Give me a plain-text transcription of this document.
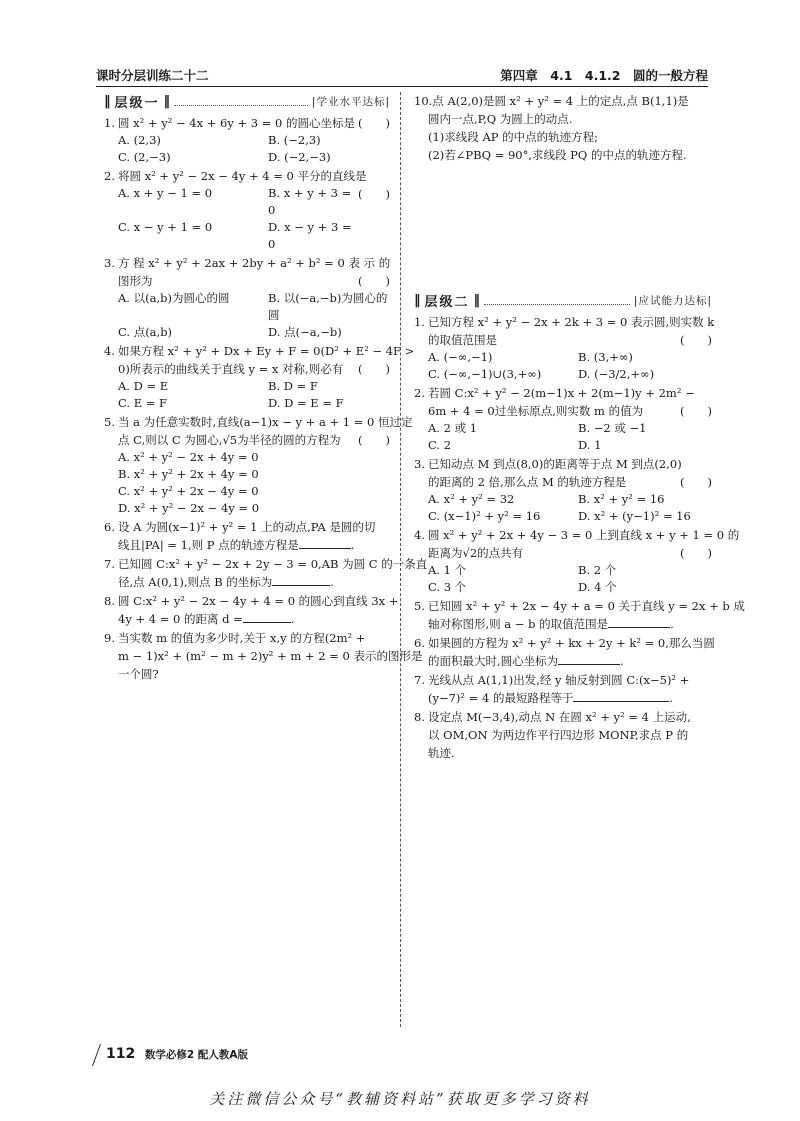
课时分层训练二十二	第四章　4.1　4.1.2　圆的一般方程
‖ 层级一 ‖	|学业水平达标|
1. 圆 x² + y² − 4x + 6y + 3 = 0 的圆心坐标是 (　　)
A. (2,3)	B. (−2,3)
C. (2,−3)	D. (−2,−3)
2. 将圆 x² + y² − 2x − 4y + 4 = 0 平分的直线是
(　　)
A. x + y − 1 = 0	B. x + y + 3 = 0
C. x − y + 1 = 0	D. x − y + 3 = 0
3. 方 程 x² + y² + 2ax + 2by + a² + b² = 0 表 示 的
图形为	(　　)
A. 以(a,b)为圆心的圆	B. 以(−a,−b)为圆心的圆
C. 点(a,b)	D. 点(−a,−b)
4. 如果方程 x² + y² + Dx + Ey + F = 0(D² + E² − 4F >
0)所表示的曲线关于直线 y = x 对称,则必有 (　　)
A. D = E	B. D = F
C. E = F	D. D = E = F
5. 当 a 为任意实数时,直线(a−1)x − y + a + 1 = 0 恒过定
点 C,则以 C 为圆心,√5为半径的圆的方程为 (　　)
A. x² + y² − 2x + 4y = 0
B. x² + y² + 2x + 4y = 0
C. x² + y² + 2x − 4y = 0
D. x² + y² − 2x − 4y = 0
6. 设 A 为圆(x−1)² + y² = 1 上的动点,PA 是圆的切
线且|PA| = 1,则 P 点的轨迹方程是	.
7. 已知圆 C:x² + y² − 2x + 2y − 3 = 0,AB 为圆 C 的一条直
径,点 A(0,1),则点 B 的坐标为	.
8. 圆 C:x² + y² − 2x − 4y + 4 = 0 的圆心到直线 3x +
4y + 4 = 0 的距离 d =	.
9. 当实数 m 的值为多少时,关于 x,y 的方程(2m² +
m − 1)x² + (m² − m + 2)y² + m + 2 = 0 表示的图形是
一个圆?
10.点 A(2,0)是圆 x² + y² = 4 上的定点,点 B(1,1)是
圆内一点,P,Q 为圆上的动点.
(1)求线段 AP 的中点的轨迹方程;
(2)若∠PBQ = 90°,求线段 PQ 的中点的轨迹方程.
‖ 层级二 ‖	|应试能力达标|
1. 已知方程 x² + y² − 2x + 2k + 3 = 0 表示圆,则实数 k
的取值范围是	(　　)
A. (−∞,−1)	B. (3,+∞)
C. (−∞,−1)∪(3,+∞)	D. (−3/2,+∞)
2. 若圆 C:x² + y² − 2(m−1)x + 2(m−1)y + 2m² −
6m + 4 = 0过坐标原点,则实数 m 的值为	(　　)
A. 2 或 1	B. −2 或 −1
C. 2	D. 1
3. 已知动点 M 到点(8,0)的距离等于点 M 到点(2,0)
的距离的 2 倍,那么点 M 的轨迹方程是	(　　)
A. x² + y² = 32	B. x² + y² = 16
C. (x−1)² + y² = 16	D. x² + (y−1)² = 16
4. 圆 x² + y² + 2x + 4y − 3 = 0 上到直线 x + y + 1 = 0 的
距离为√2的点共有	(　　)
A. 1 个	B. 2 个
C. 3 个	D. 4 个
5. 已知圆 x² + y² + 2x − 4y + a = 0 关于直线 y = 2x + b 成
轴对称图形,则 a − b 的取值范围是	.
6. 如果圆的方程为 x² + y² + kx + 2y + k² = 0,那么当圆
的面积最大时,圆心坐标为	.
7. 光线从点 A(1,1)出发,经 y 轴反射到圆 C:(x−5)² +
(y−7)² = 4 的最短路程等于	.
8. 设定点 M(−3,4),动点 N 在圆 x² + y² = 4 上运动,
以 OM,ON 为两边作平行四边形 MONP,求点 P 的
轨迹.
112 数学必修2 配人教A版
关注微信公众号“教辅资料站”获取更多学习资料
